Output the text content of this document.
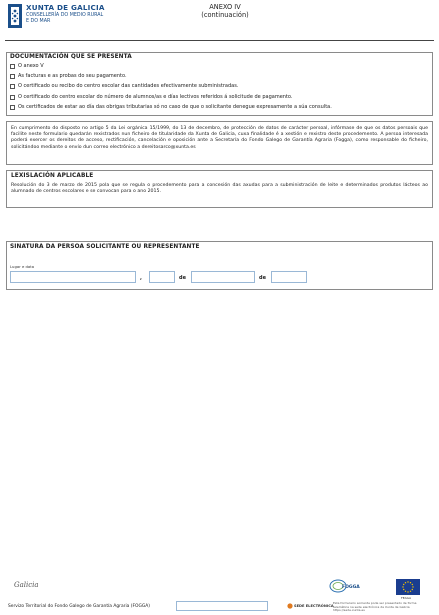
XUNTA DE GALICIA
CONSELLERÍA DO MEDIO RURAL
E DO MAR
ANEXO IV
(continuación)
DOCUMENTACIÓN QUE SE PRESENTA
O anexo V
As facturas e as probas do seu pagamento.
O certificado ou recibo do centro escolar das cantidades efectivamente subministradas.
O certificado do centro escolar do número de alumnos/as e días lectivos referidos á solicitude de pagamento.
Os certificados de estar ao día das obrigas tributarias só no caso de que o solicitante denegue expresamente a súa consulta.
En cumprimento do disposto no artigo 5 da Lei orgánica 15/1999, do 13 de decembro, de protección de datos de carácter persoal, infórmase de que os datos persoais que facilite neste formulario quedarán rexistrados nun ficheiro de titularidade da Xunta de Galicia, cuxa finalidade é a xestión e rexistro deste procedemento. A persoa interesada poderá exercer os dereitos de acceso, rectificación, cancelación e oposición ante a Secretaría do Fondo Galego de Garantía Agraria (Fogga), como responsable do ficheiro, solicitándoo mediante o envío dun correo electrónico a dereitosarco@xunta.es
LEXISLACIÓN APLICABLE
Resolución do 3 de marzo de 2015 pola que se regula o procedemento para a concesión das axudas para a subministración de leite e determinados produtos lácteos ao alumnado de centros escolares e se convocan para o ano 2015.
SINATURA DA PERSOA SOLICITANTE OU REPRESENTANTE
Lugar e data
,	de	de
Galicia	FOGGA
FEAGA
Servizo Territorial do Fondo Galego de Garantía Agraria (FOGGA)	SEDE ELECTRÓNICA
Esta formulario somente pode ser presentado de forma telemática na sede electrónica da Xunta de Galicia https://sede.xunta.es
